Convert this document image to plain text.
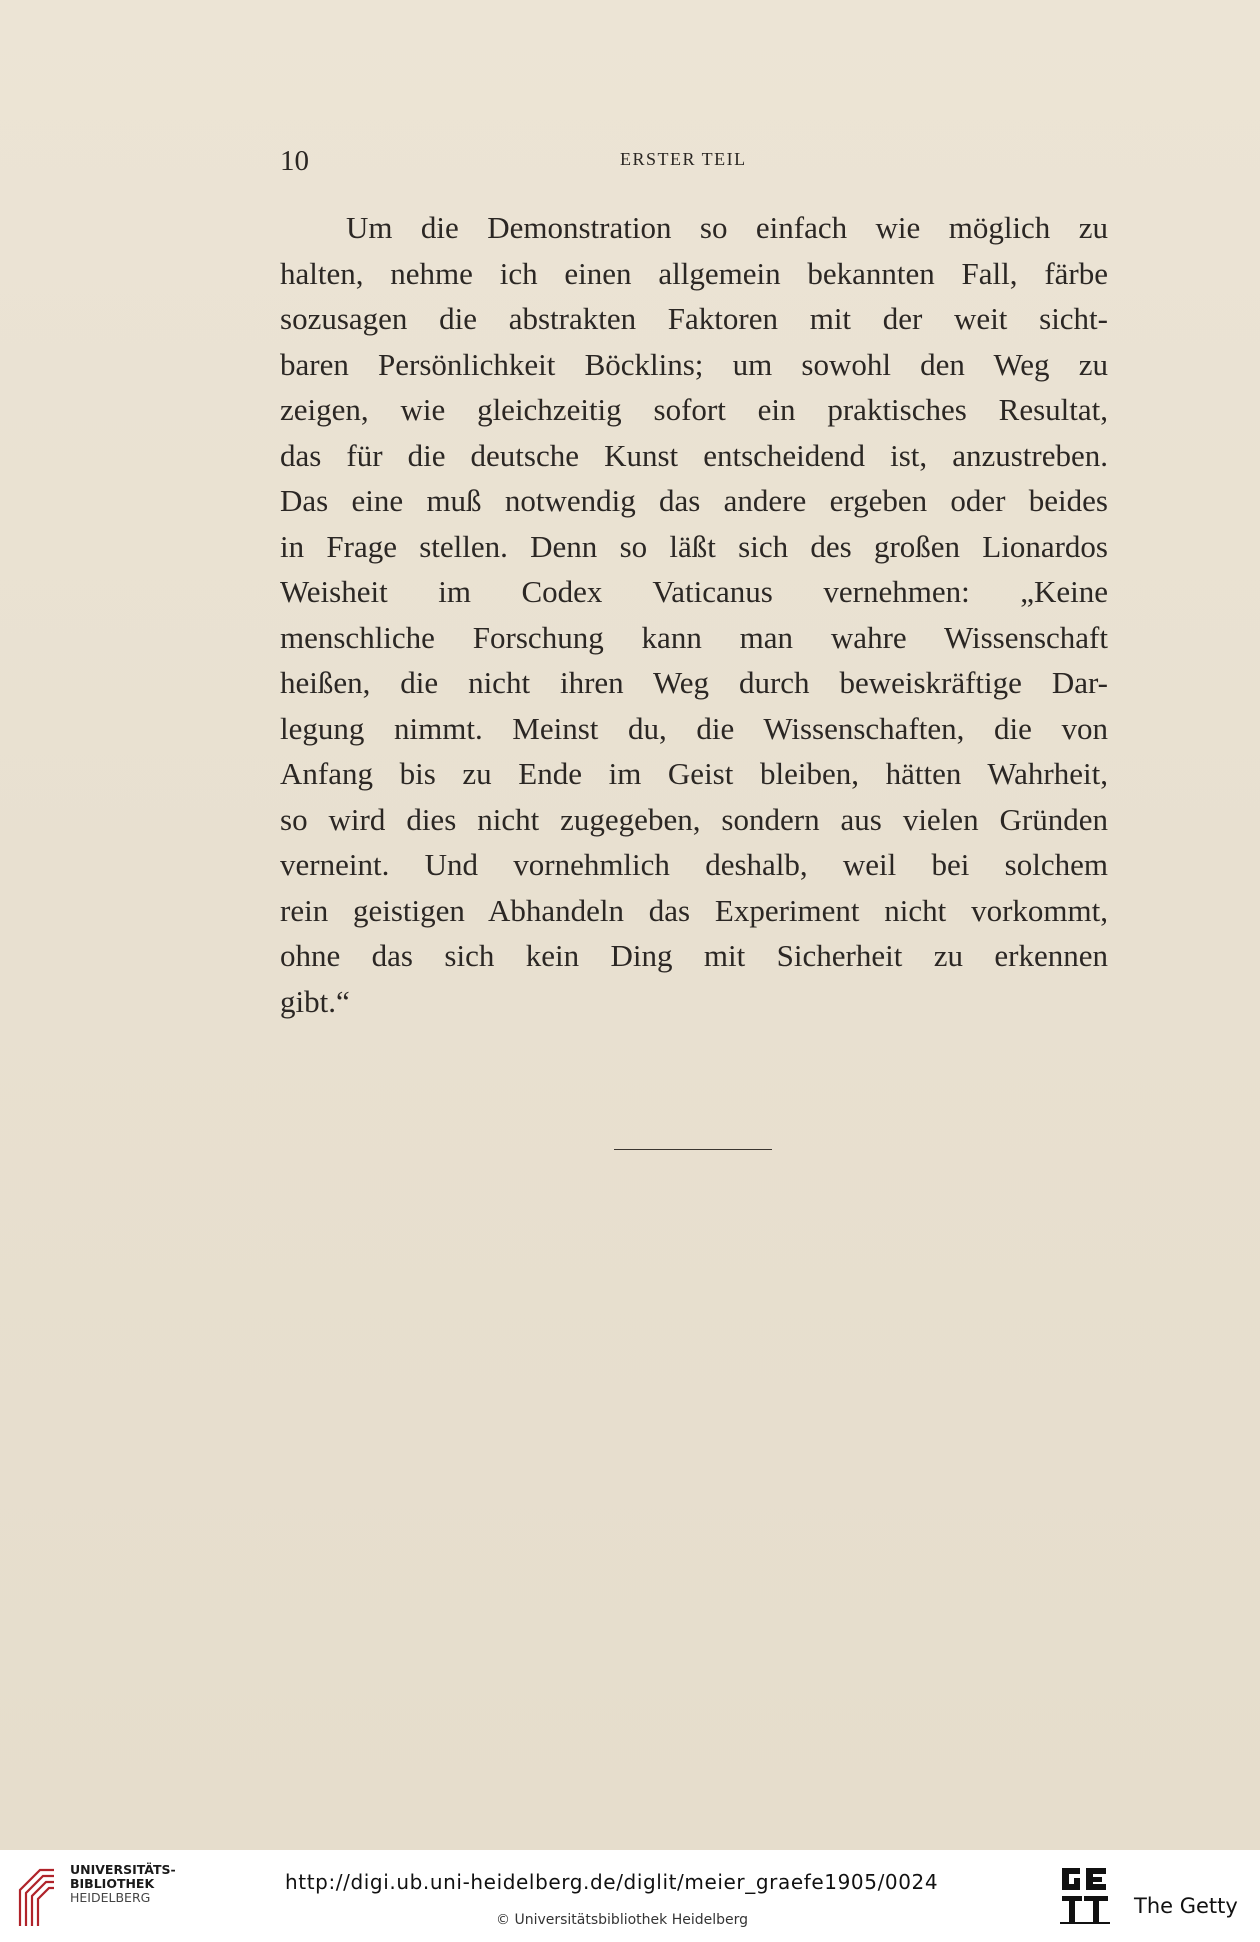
10	ERSTER TEIL
Um die Demonstration so einfach wie möglich zu
halten, nehme ich einen allgemein bekannten Fall, färbe
sozusagen die abstrakten Faktoren mit der weit sicht-
baren Persönlichkeit Böcklins; um sowohl den Weg zu
zeigen, wie gleichzeitig sofort ein praktisches Resultat,
das für die deutsche Kunst entscheidend ist, anzustreben.
Das eine muß notwendig das andere ergeben oder beides
in Frage stellen. Denn so läßt sich des großen Lionardos
Weisheit im Codex Vaticanus vernehmen: „Keine
menschliche Forschung kann man wahre Wissenschaft
heißen, die nicht ihren Weg durch beweiskräftige Dar-
legung nimmt. Meinst du, die Wissenschaften, die von
Anfang bis zu Ende im Geist bleiben, hätten Wahrheit,
so wird dies nicht zugegeben, sondern aus vielen Gründen
verneint. Und vornehmlich deshalb, weil bei solchem
rein geistigen Abhandeln das Experiment nicht vorkommt,
ohne das sich kein Ding mit Sicherheit zu erkennen
gibt.“
UNIVERSITÄTS-
BIBLIOTHEK
HEIDELBERG
http://digi.ub.uni-heidelberg.de/diglit/meier_graefe1905/0024
© Universitätsbibliothek Heidelberg
The Getty
